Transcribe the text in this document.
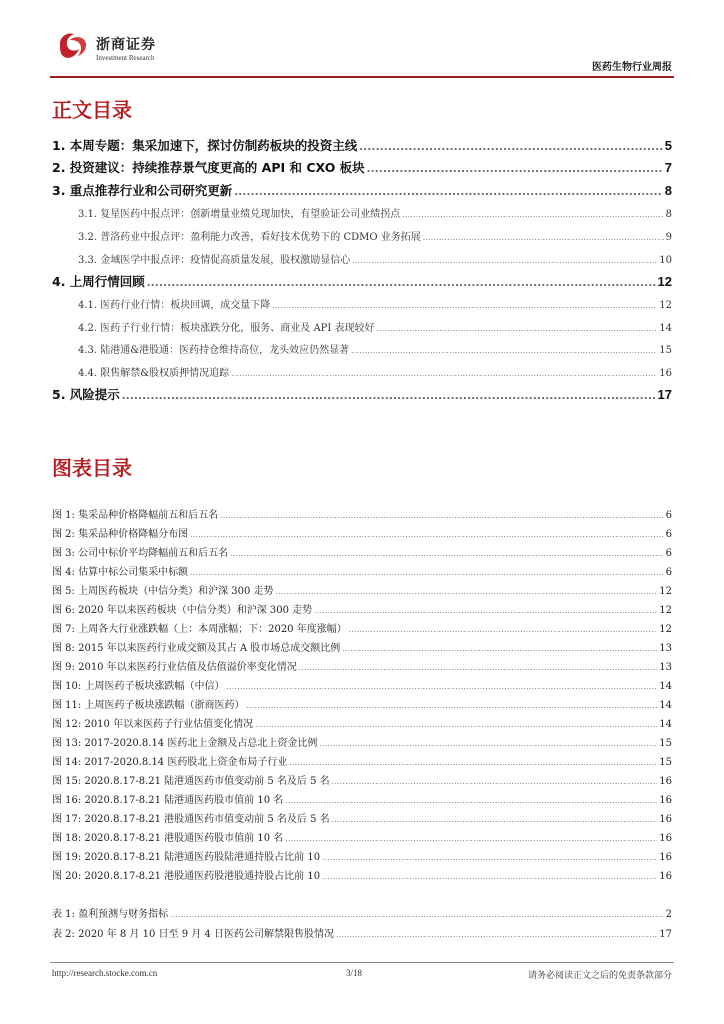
浙商证券
Investment Research
医药生物行业周报
正文目录
1. 本周专题：集采加速下，探讨仿制药板块的投资主线 .....	5
2. 投资建议：持续推荐景气度更高的 API 和 CXO 板块 .....	7
3. 重点推荐行业和公司研究更新 .....	8
3.1. 复星医药中报点评：创新增量业绩兑现加快，有望验证公司业绩拐点 .....	8
3.2. 普洛药业中报点评：盈利能力改善，看好技术优势下的 CDMO 业务拓展 .....	9
3.3. 金域医学中报点评：疫情促高质量发展，股权激励显信心 .....	10
4. 上周行情回顾 .....	12
4.1. 医药行业行情：板块回调，成交量下降 .....	12
4.2. 医药子行业行情：板块涨跌分化，服务、商业及 API 表现较好 .....	14
4.3. 陆港通&港股通：医药持仓维持高位，龙头效应仍然显著 .....	15
4.4. 限售解禁&股权质押情况追踪 .....	16
5. 风险提示 .....	17
图表目录
图 1: 集采品种价格降幅前五和后五名 .....	6
图 2: 集采品种价格降幅分布图 .....	6
图 3: 公司中标价平均降幅前五和后五名 .....	6
图 4: 估算中标公司集采中标额 .....	6
图 5: 上周医药板块（中信分类）和沪深 300 走势 .....	12
图 6: 2020 年以来医药板块（中信分类）和沪深 300 走势 .....	12
图 7: 上周各大行业涨跌幅（上：本周涨幅；下：2020 年度涨幅） .....	12
图 8: 2015 年以来医药行业成交额及其占 A 股市场总成交额比例 .....	13
图 9: 2010 年以来医药行业估值及估值溢价率变化情况 .....	13
图 10: 上周医药子板块涨跌幅（中信） .....	14
图 11: 上周医药子板块涨跌幅（浙商医药） .....	14
图 12: 2010 年以来医药子行业估值变化情况 .....	14
图 13: 2017-2020.8.14 医药北上金额及占总北上资金比例 .....	15
图 14: 2017-2020.8.14 医药股北上资金布局子行业 .....	15
图 15: 2020.8.17-8.21 陆港通医药市值变动前 5 名及后 5 名 .....	16
图 16: 2020.8.17-8.21 陆港通医药股市值前 10 名 .....	16
图 17: 2020.8.17-8.21 港股通医药市值变动前 5 名及后 5 名 .....	16
图 18: 2020.8.17-8.21 港股通医药股市值前 10 名 .....	16
图 19: 2020.8.17-8.21 陆港通医药股陆港通持股占比前 10 .....	16
图 20: 2020.8.17-8.21 港股通医药股港股通持股占比前 10 .....	16
表 1: 盈利预测与财务指标 .....	2
表 2: 2020 年 8 月 10 日至 9 月 4 日医药公司解禁限售股情况 .....	17
http://research.stocke.com.cn	3/18	请务必阅读正文之后的免责条款部分
